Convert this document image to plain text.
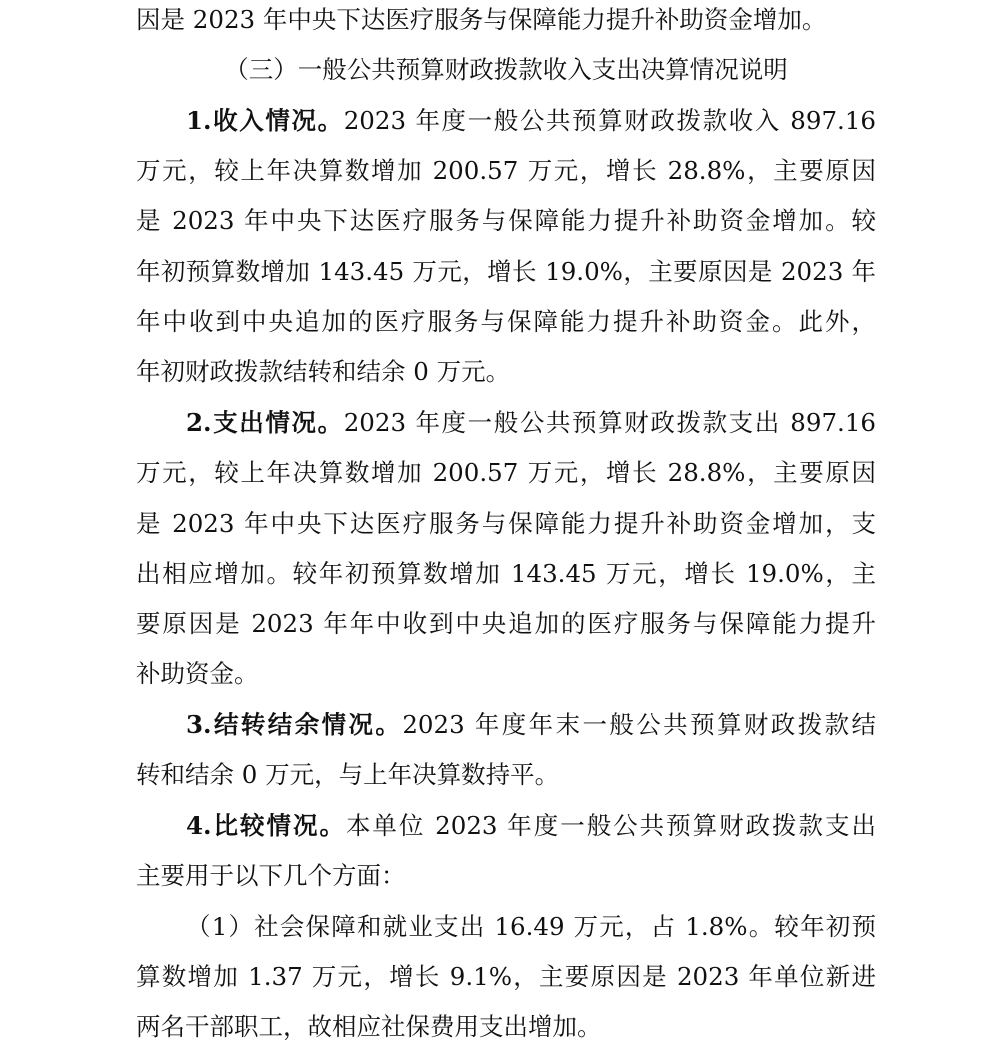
因是 2023 年中央下达医疗服务与保障能力提升补助资金增加。
（三）一般公共预算财政拨款收入支出决算情况说明
1.收入情况。2023 年度一般公共预算财政拨款收入 897.16
万元，较上年决算数增加 200.57 万元，增长 28.8%，主要原因
是 2023 年中央下达医疗服务与保障能力提升补助资金增加。较
年初预算数增加 143.45 万元，增长 19.0%，主要原因是 2023 年
年中收到中央追加的医疗服务与保障能力提升补助资金。此外，
年初财政拨款结转和结余 0 万元。
2.支出情况。2023 年度一般公共预算财政拨款支出 897.16
万元，较上年决算数增加 200.57 万元，增长 28.8%，主要原因
是 2023 年中央下达医疗服务与保障能力提升补助资金增加，支
出相应增加。较年初预算数增加 143.45 万元，增长 19.0%，主
要原因是 2023 年年中收到中央追加的医疗服务与保障能力提升
补助资金。
3.结转结余情况。2023 年度年末一般公共预算财政拨款结
转和结余 0 万元，与上年决算数持平。
4.比较情况。本单位 2023 年度一般公共预算财政拨款支出
主要用于以下几个方面：
（1）社会保障和就业支出 16.49 万元，占 1.8%。较年初预
算数增加 1.37 万元，增长 9.1%，主要原因是 2023 年单位新进
两名干部职工，故相应社保费用支出增加。
